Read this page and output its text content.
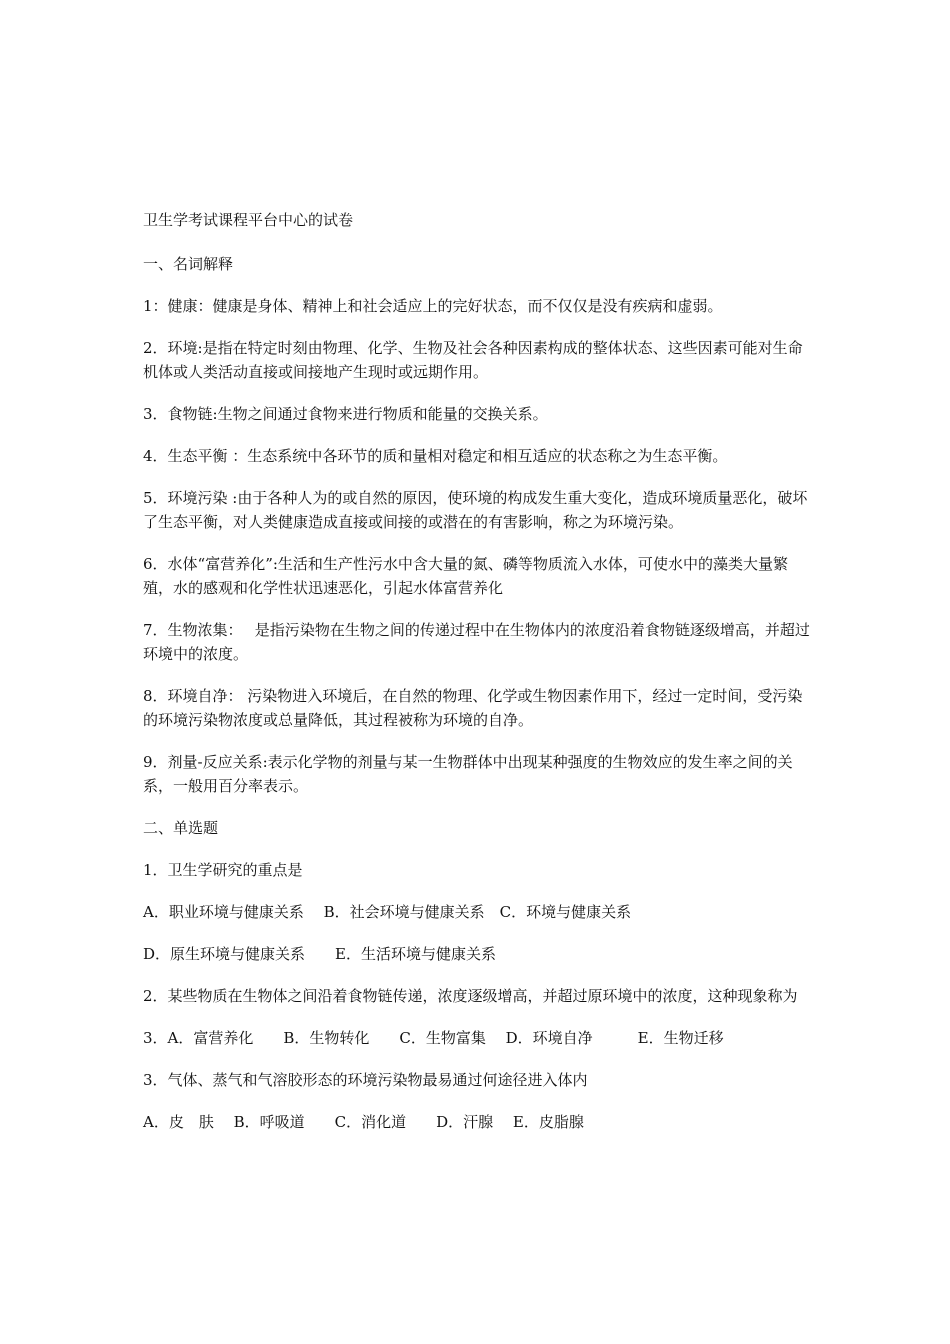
卫生学考试课程平台中心的试卷
一、名词解释
1：健康：健康是身体、精神上和社会适应上的完好状态，而不仅仅是没有疾病和虚弱。
2．环境:是指在特定时刻由物理、化学、生物及社会各种因素构成的整体状态、这些因素可能对生命机体或人类活动直接或间接地产生现时或远期作用。
3．食物链:生物之间通过食物来进行物质和能量的交换关系。
4．生态平衡 ：生态系统中各环节的质和量相对稳定和相互适应的状态称之为生态平衡。
5．环境污染 :由于各种人为的或自然的原因，使环境的构成发生重大变化，造成环境质量恶化，破坏了生态平衡，对人类健康造成直接或间接的或潜在的有害影响，称之为环境污染。
6．水体“富营养化”:生活和生产性污水中含大量的氮、磷等物质流入水体，可使水中的藻类大量繁殖，水的感观和化学性状迅速恶化，引起水体富营养化
7．生物浓集：　 是指污染物在生物之间的传递过程中在生物体内的浓度沿着食物链逐级增高，并超过环境中的浓度。
8．环境自净： 污染物进入环境后，在自然的物理、化学或生物因素作用下，经过一定时间，受污染的环境污染物浓度或总量降低，其过程被称为环境的自净。
9．剂量-反应关系:表示化学物的剂量与某一生物群体中出现某种强度的生物效应的发生率之间的关系，一般用百分率表示。
二、单选题
1．卫生学研究的重点是
A．职业环境与健康关系　 B．社会环境与健康关系　C．环境与健康关系
D．原生环境与健康关系　　E．生活环境与健康关系
2．某些物质在生物体之间沿着食物链传递，浓度逐级增高，并超过原环境中的浓度，这种现象称为
3．A．富营养化　　B．生物转化　　C．生物富集　 D．环境自净　　　E．生物迁移
3．气体、蒸气和气溶胶形态的环境污染物最易通过何途径进入体内
A．皮　肤　 B．呼吸道　　C．消化道　　D．汗腺　 E．皮脂腺
